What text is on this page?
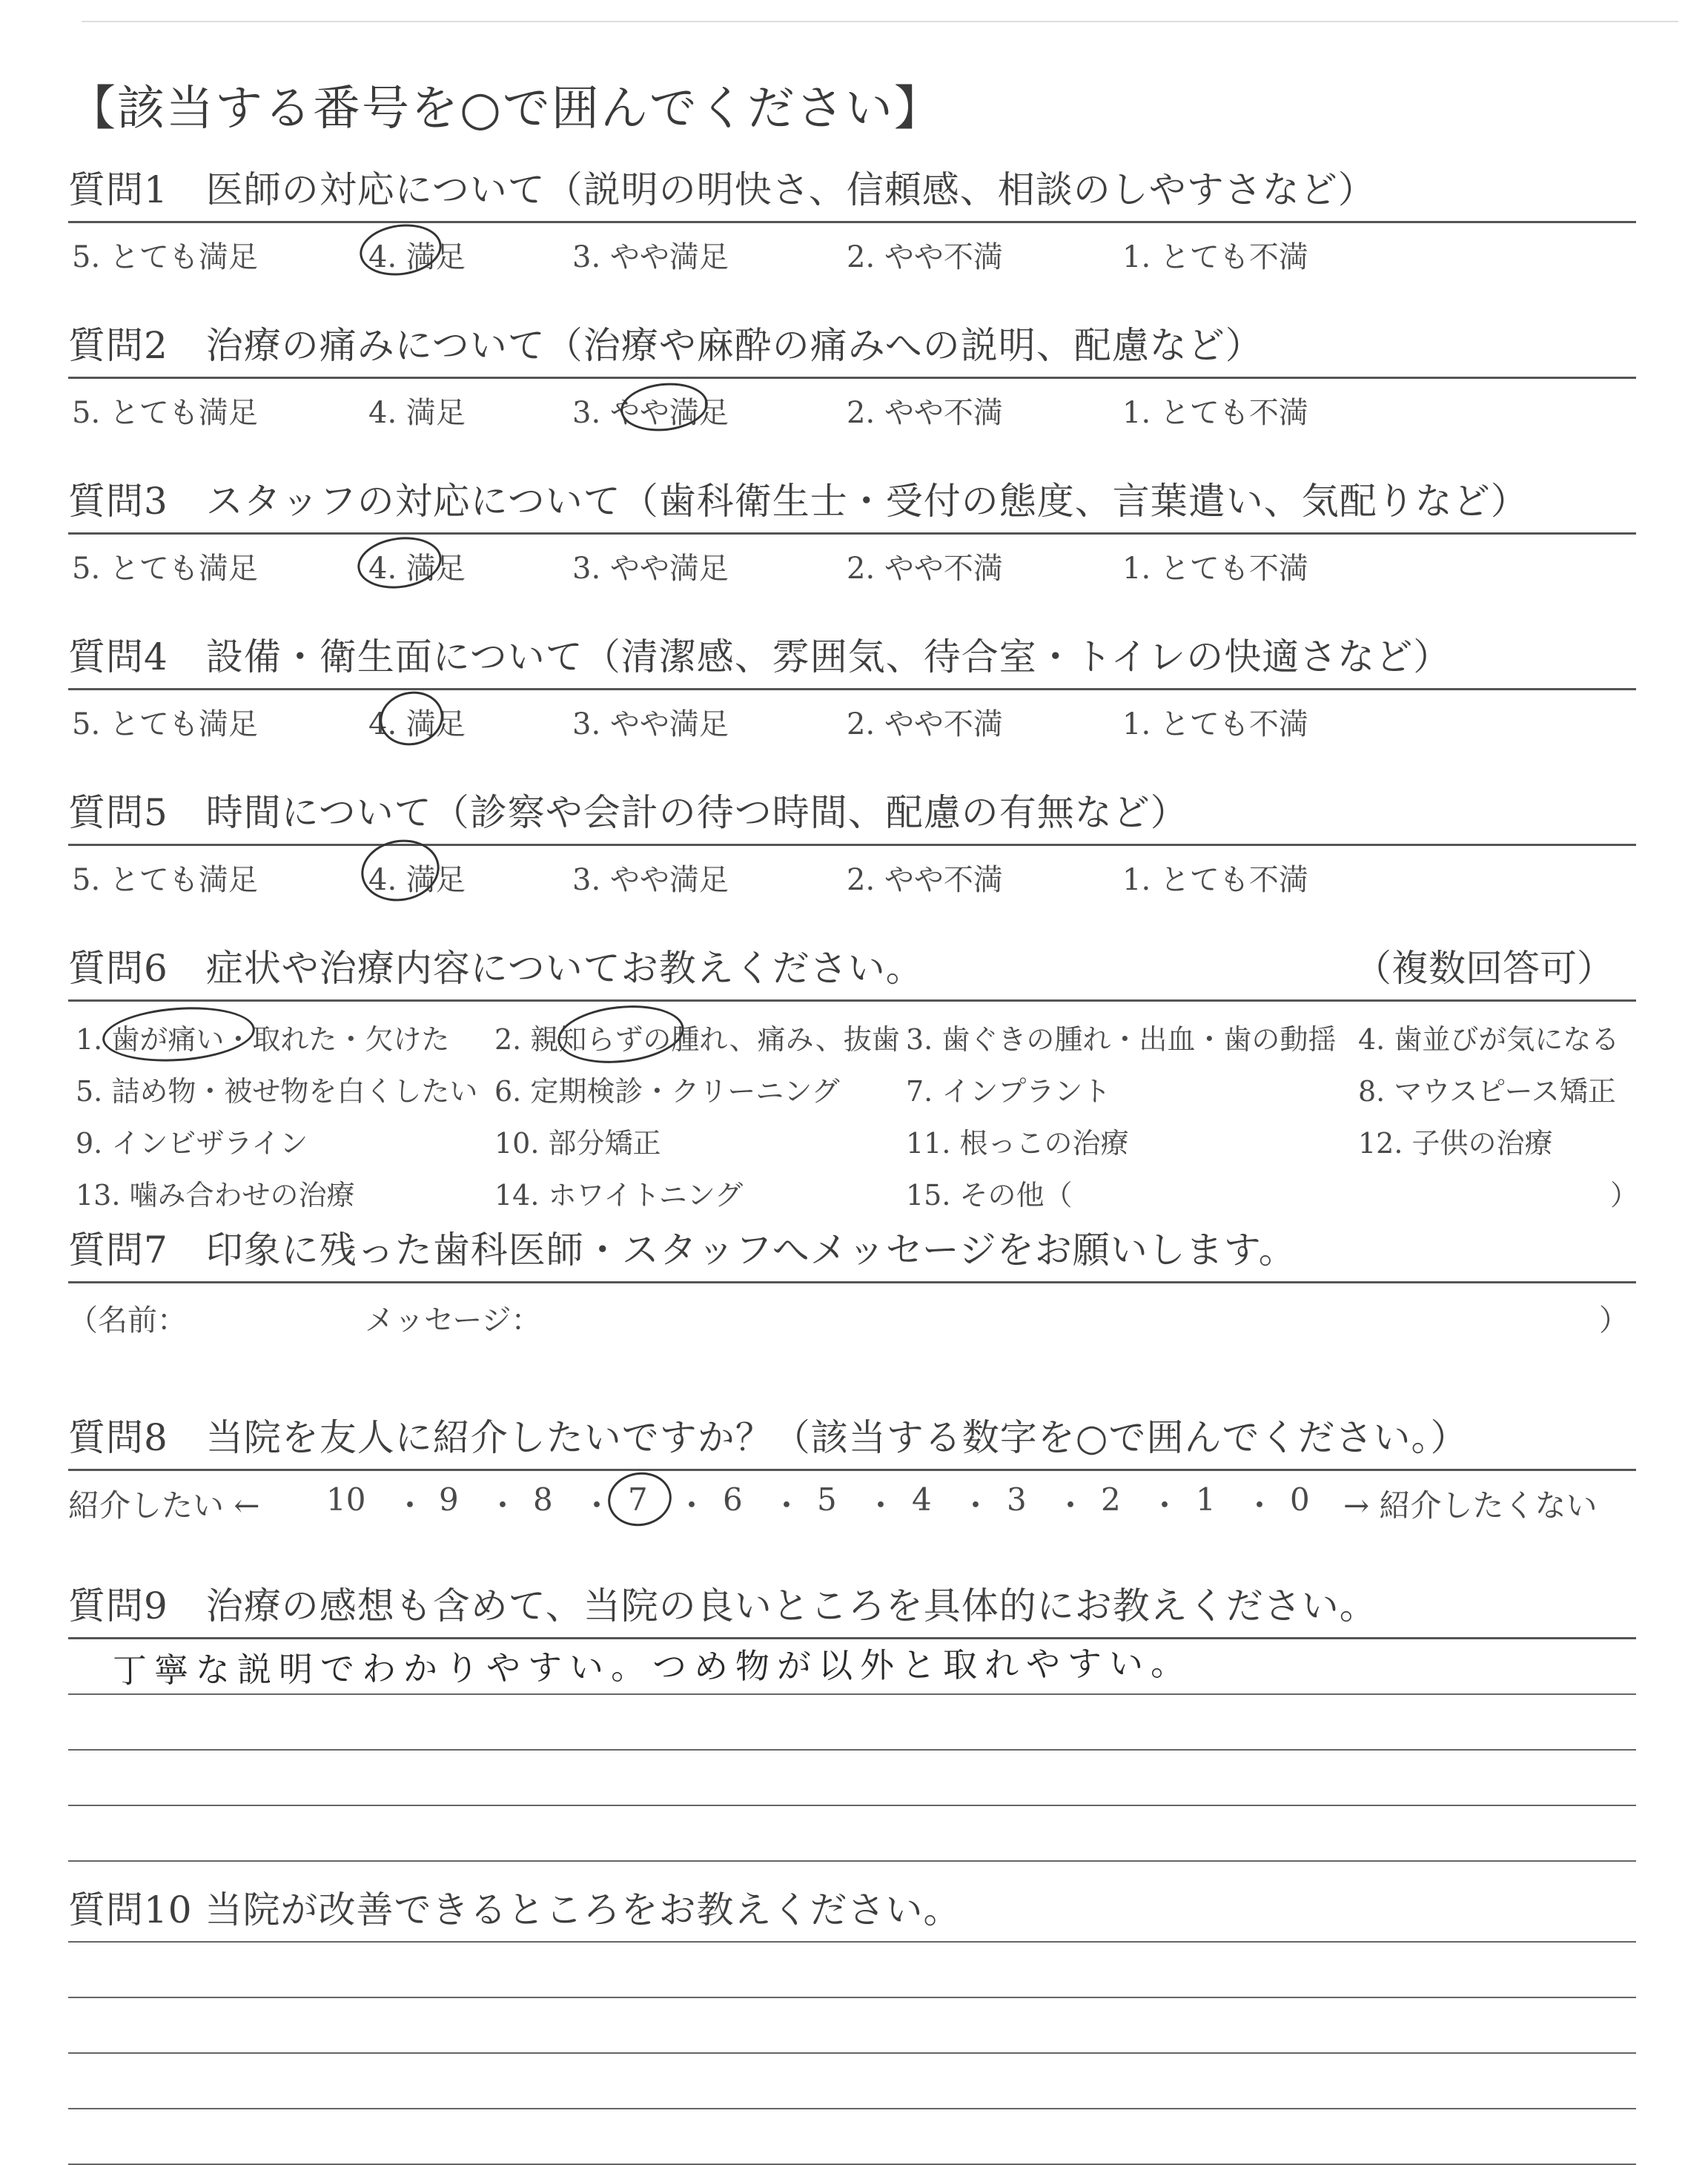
【該当する番号を○で囲んでください】
質問1　医師の対応について（説明の明快さ、信頼感、相談のしやすさなど）
5. とても満足	4. 満足	3. やや満足	2. やや不満	1. とても不満
質問2　治療の痛みについて（治療や麻酔の痛みへの説明、配慮など）
5. とても満足	4. 満足	3. やや満足	2. やや不満	1. とても不満
質問3　スタッフの対応について（歯科衛生士・受付の態度、言葉遣い、気配りなど）
5. とても満足	4. 満足	3. やや満足	2. やや不満	1. とても不満
質問4　設備・衛生面について（清潔感、雰囲気、待合室・トイレの快適さなど）
5. とても満足	4. 満足	3. やや満足	2. やや不満	1. とても不満
質問5　時間について（診察や会計の待つ時間、配慮の有無など）
5. とても満足	4. 満足	3. やや満足	2. やや不満	1. とても不満
質問6　症状や治療内容についてお教えください。	（複数回答可）
1. 歯が痛い・取れた・欠けた 2. 親知らずの腫れ、痛み、抜歯 3. 歯ぐきの腫れ・出血・歯の動揺 4. 歯並びが気になる
5. 詰め物・被せ物を白くしたい 6. 定期検診・クリーニング 7. インプラント	8. マウスピース矯正
9. インビザライン	10. 部分矯正	11. 根っこの治療	12. 子供の治療
13. 噛み合わせの治療	14. ホワイトニング	15. その他（	）
質問7　印象に残った歯科医師・スタッフへメッセージをお願いします。
（名前：	メッセージ：	）
質問8　当院を友人に紹介したいですか？（該当する数字を○で囲んでください。）
紹介したい ← 10 ・ 9 ・ 8 ・ 7 ・ 6 ・ 5 ・ 4 ・ 3 ・ 2 ・ 1 ・ 0 → 紹介したくない
質問9　治療の感想も含めて、当院の良いところを具体的にお教えください。
丁寧な説明でわかりやすい。つめ物が以外と取れやすい。
質問10 当院が改善できるところをお教えください。
